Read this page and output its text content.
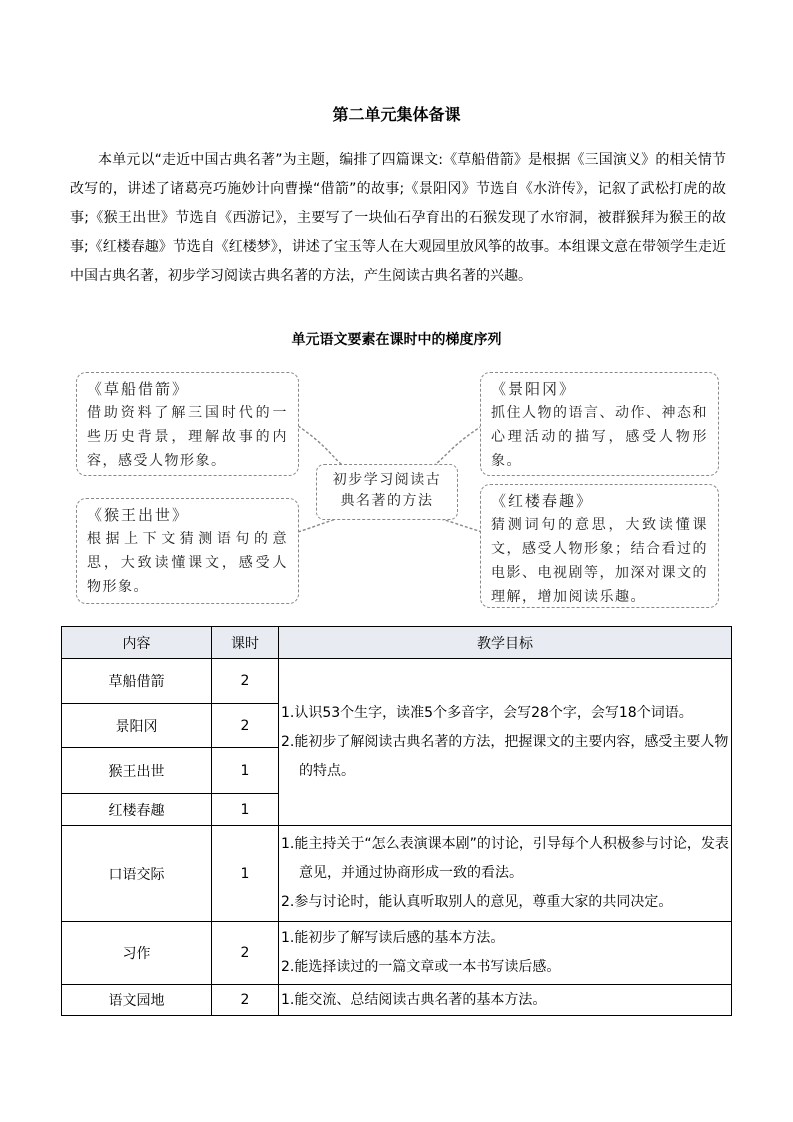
第二单元集体备课

本单元以“走近中国古典名著”为主题，编排了四篇课文:《草船借箭》是根据《三国演义》的相关情节改写的，讲述了诸葛亮巧施妙计向曹操“借箭”的故事;《景阳冈》节选自《水浒传》，记叙了武松打虎的故事;《猴王出世》节选自《西游记》，主要写了一块仙石孕育出的石猴发现了水帘洞，被群猴拜为猴王的故事;《红楼春趣》节选自《红楼梦》，讲述了宝玉等人在大观园里放风筝的故事。本组课文意在带领学生走近中国古典名著，初步学习阅读古典名著的方法，产生阅读古典名著的兴趣。

单元语文要素在课时中的梯度序列
初步学习阅读古典名著的方法
《草船借箭》
借助资料了解三国时代的一些历史背景，理解故事的内容，感受人物形象。
《景阳冈》
抓住人物的语言、动作、神态和心理活动的描写，感受人物形象。
《猴王出世》
根据上下文猜测语句的意思，大致读懂课文，感受人物形象。
《红楼春趣》
猜测词句的意思，大致读懂课文，感受人物形象；结合看过的电影、电视剧等，加深对课文的理解，增加阅读乐趣。
内容	课时	教学目标
草船借箭	2	1.认识53个生字，读准5个多音字，会写28个字，会写18个词语。
2.能初步了解阅读古典名著的方法，把握课文的主要内容，感受主要人物的特点。

景阳冈	2	
猴王出世	1	
红楼春趣	1	
口语交际	1	1.能主持关于“怎么表演课本剧”的讨论，引导每个人积极参与讨论，发表意见，并通过协商形成一致的看法。
2.参与讨论时，能认真听取别人的意见，尊重大家的共同决定。

习作	2	1.能初步了解写读后感的基本方法。
2.能选择读过的一篇文章或一本书写读后感。

语文园地	2	1.能交流、总结阅读古典名著的基本方法。
